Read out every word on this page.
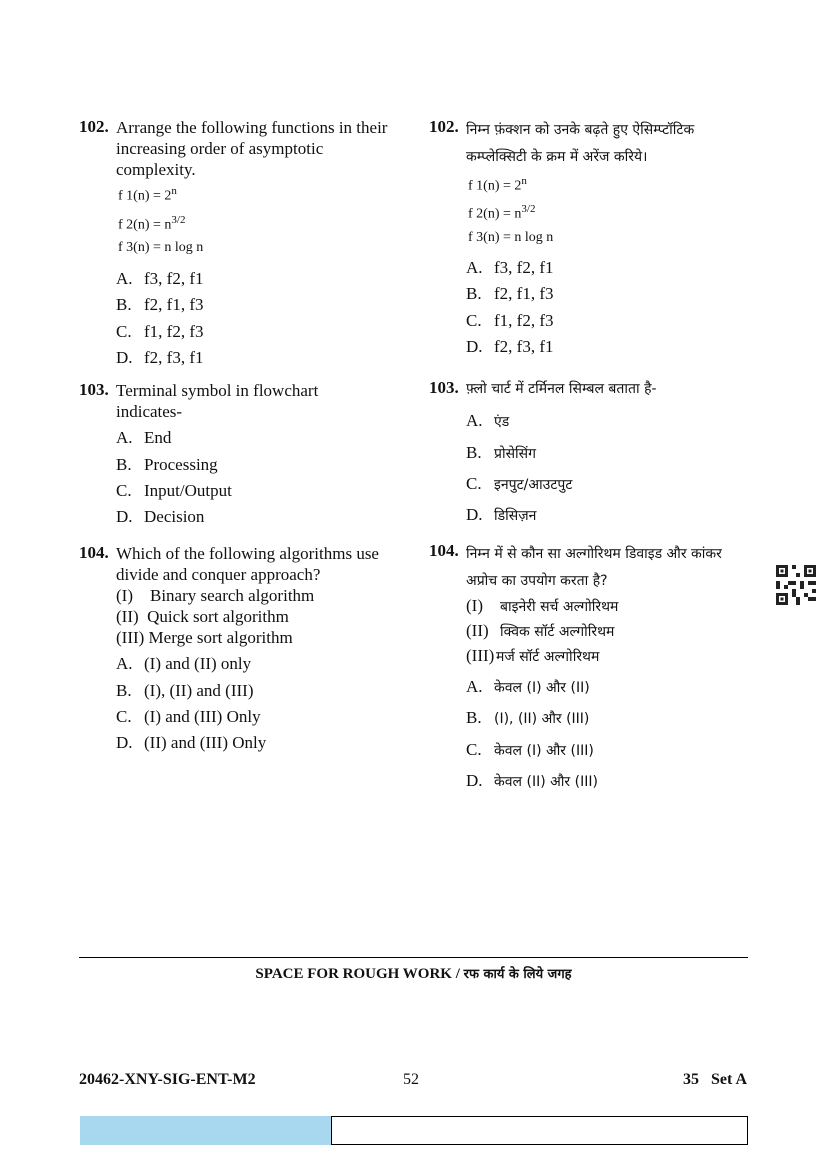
102. Arrange the following functions in their increasing order of asymptotic complexity.
f $1(n) = 2^n$
f $2(n) = n^{3/2}$
f 3(n) = n log n
A. f3, f2, f1
B. f2, f1, f3
C. f1, f2, f3
D. f2, f3, f1
103. Terminal symbol in flowchart indicates-
A. End
B. Processing
C. Input/Output
D. Decision
104. Which of the following algorithms use divide and conquer approach?
(I)    Binary search algorithm
(II)  Quick sort algorithm
(III) Merge sort algorithm
A. (I) and (II) only
B. (I), (II) and (III)
C. (I) and (III) Only
D. (II) and (III) Only
102. निम्न फ़ंक्शन को उनके बढ़ते हुए ऐसिम्प्टॉटिक कम्प्लेक्सिटी के क्रम में अरेंज करिये।
f $1(n) = 2^n$
f $2(n) = n^{3/2}$
f 3(n) = n log n
A. f3, f2, f1
B. f2, f1, f3
C. f1, f2, f3
D. f2, f3, f1
103. फ़्लो चार्ट में टर्मिनल सिम्बल बताता है-
A. एंड
B. प्रोसेसिंग
C. इनपुट/आउटपुट
D. डिसिज़न
104. निम्न में से कौन सा अल्गोरिथम डिवाइड और कांकर अप्रोच का उपयोग करता है?
(I) बाइनेरी सर्च अल्गोरिथम
(II) क्विक सॉर्ट अल्गोरिथम
(III) मर्ज सॉर्ट अल्गोरिथम
A. केवल (I) और (II)
B. (I), (II) और (III)
C. केवल (I) और (III)
D. केवल (II) और (III)
SPACE FOR ROUGH WORK / रफ कार्य के लिये जगह
20462-XNY-SIG-ENT-M2	52	35   Set A
